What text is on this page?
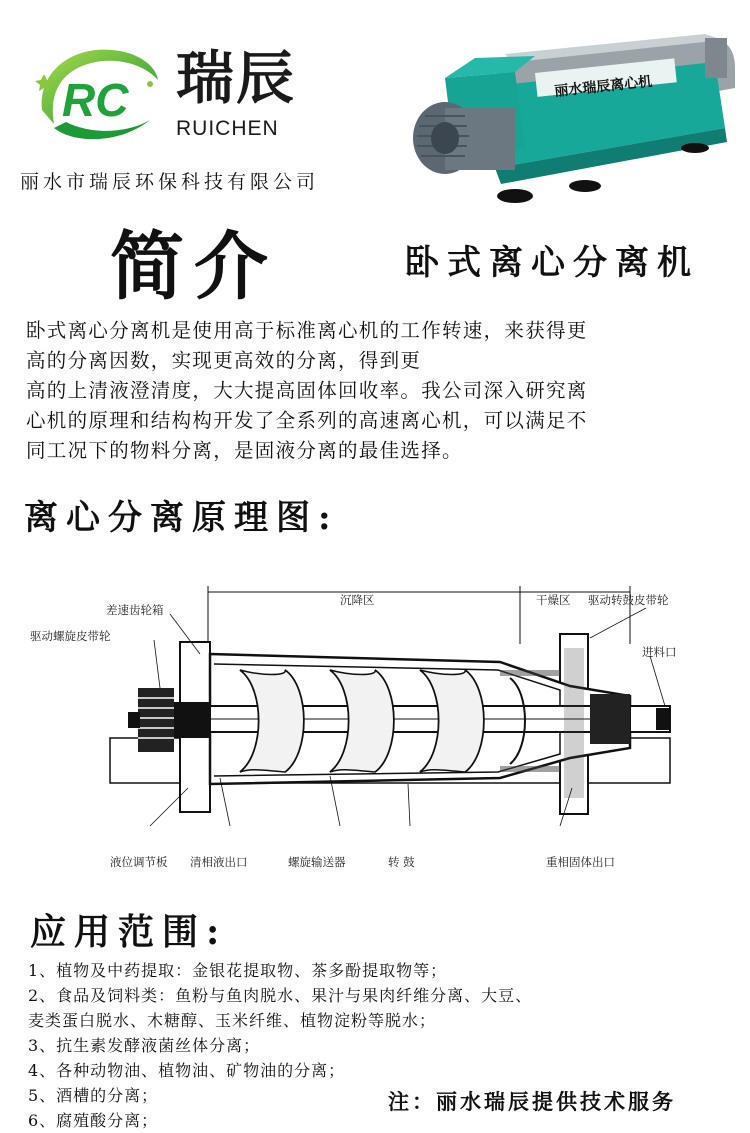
RC 瑞辰
RUICHEN
丽水市瑞辰环保科技有限公司
丽水瑞辰离心机
简介	卧式离心分离机

卧式离心分离机是使用高于标准离心机的工作转速，来获得更

高的分离因数，实现更高效的分离，得到更

高的上清液澄清度，大大提高固体回收率。我公司深入研究离

心机的原理和结构构开发了全系列的高速离心机，可以满足不

同工况下的物料分离，是固液分离的最佳选择。

离心分离原理图:
差速齿轮箱
驱动螺旋皮带轮
沉降区	干燥区 驱动转鼓皮带轮
进料口
液位调节板 清相液出口	螺旋输送器	转 鼓	重相固体出口
应用范围:
1、植物及中药提取：金银花提取物、茶多酚提取物等；
2、食品及饲料类：鱼粉与鱼肉脱水、果汁与果肉纤维分离、大豆、
麦类蛋白脱水、木糖醇、玉米纤维、植物淀粉等脱水；
3、抗生素发酵液菌丝体分离；
4、各种动物油、植物油、矿物油的分离；
5、酒槽的分离；
6、腐殖酸分离；
注：丽水瑞辰提供技术服务
